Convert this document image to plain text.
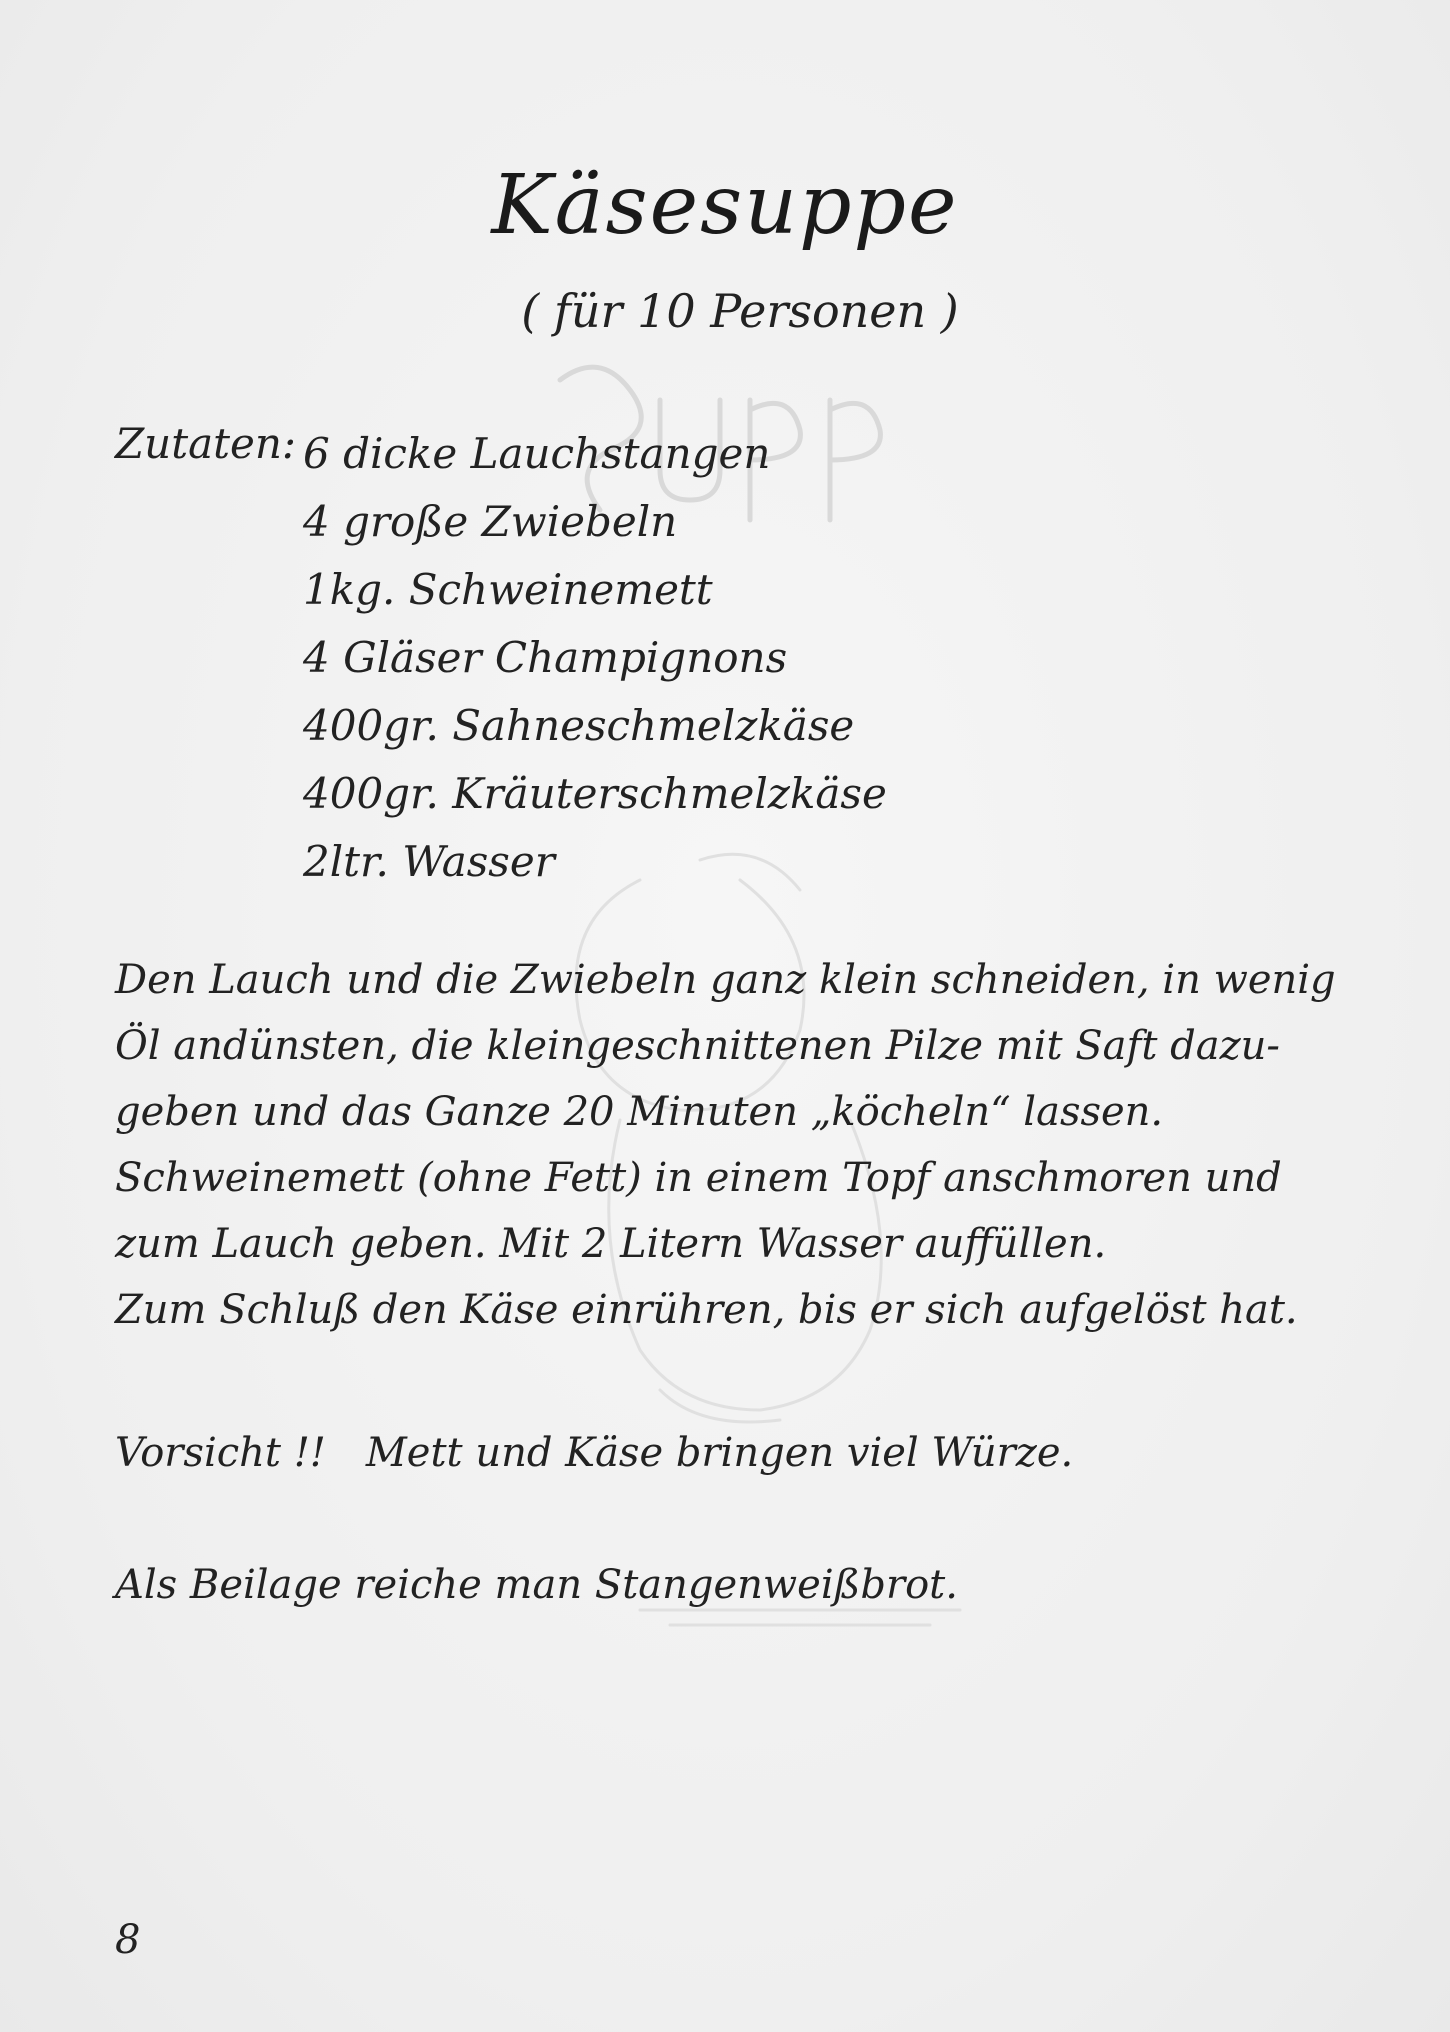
Käsesuppe
( für 10 Personen )
Zutaten: 6 dicke Lauchstangen
4 große Zwiebeln
1kg. Schweinemett
4 Gläser Champignons
400gr. Sahneschmelzkäse
400gr. Kräuterschmelzkäse
2ltr. Wasser
Den Lauch und die Zwiebeln ganz klein schneiden, in wenig
Öl andünsten, die kleingeschnittenen Pilze mit Saft dazu-
geben und das Ganze 20 Minuten „köcheln“ lassen.
Schweinemett (ohne Fett) in einem Topf anschmoren und
zum Lauch geben. Mit 2 Litern Wasser auffüllen.
Zum Schluß den Käse einrühren, bis er sich aufgelöst hat.
Vorsicht !! Mett und Käse bringen viel Würze.
Als Beilage reiche man Stangenweißbrot.
8
